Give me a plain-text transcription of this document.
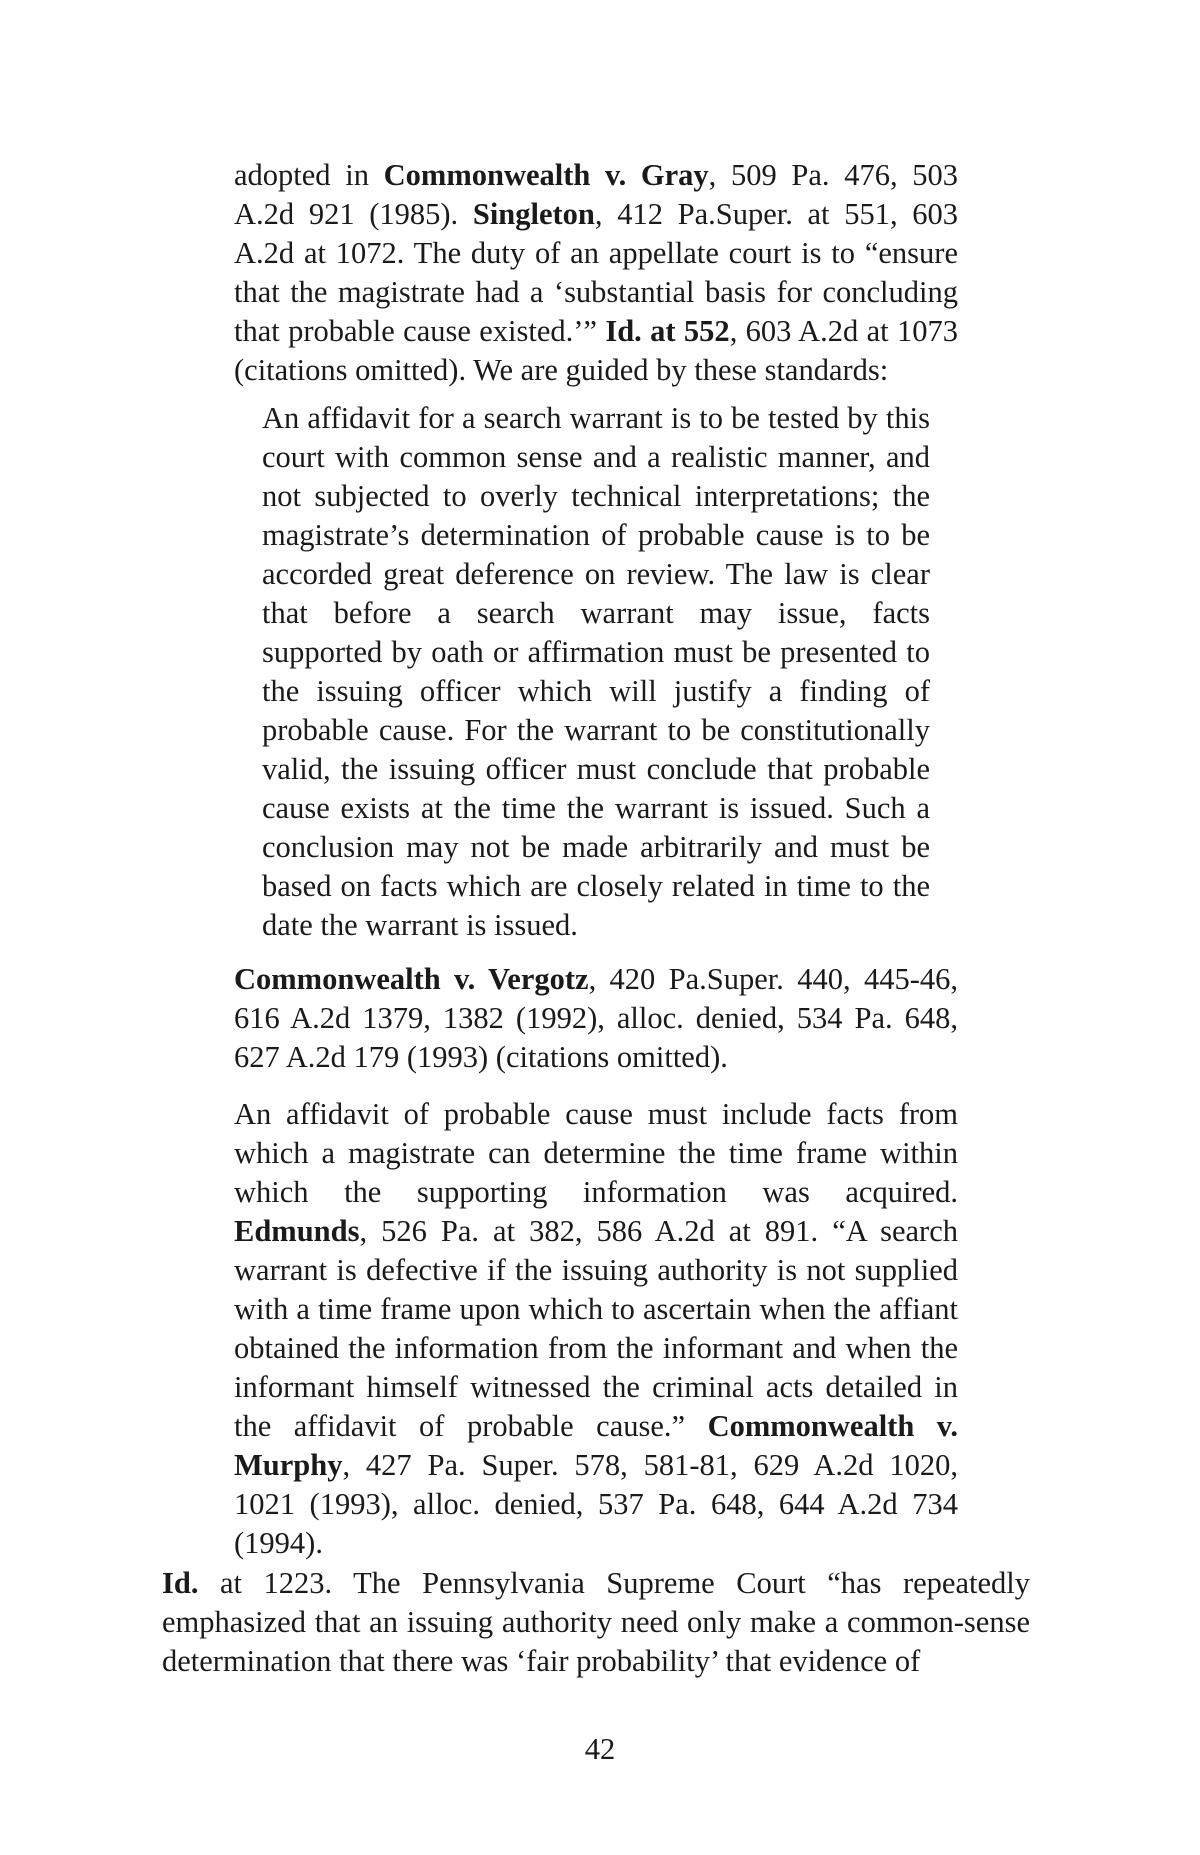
adopted in Commonwealth v. Gray, 509 Pa. 476, 503 A.2d 921 (1985). Singleton, 412 Pa.Super. at 551, 603 A.2d at 1072. The duty of an appellate court is to “ensure that the magistrate had a ‘substantial basis for concluding that probable cause existed.’” Id. at 552, 603 A.2d at 1073 (citations omitted). We are guided by these standards:

An affidavit for a search warrant is to be tested by this court with common sense and a realistic manner, and not subjected to overly technical interpretations; the magistrate’s determination of probable cause is to be accorded great deference on review. The law is clear that before a search warrant may issue, facts supported by oath or affirmation must be presented to the issuing officer which will justify a finding of probable cause. For the warrant to be constitutionally valid, the issuing officer must conclude that probable cause exists at the time the warrant is issued. Such a conclusion may not be made arbitrarily and must be based on facts which are closely related in time to the date the warrant is issued.

Commonwealth v. Vergotz, 420 Pa.Super. 440, 445-46, 616 A.2d 1379, 1382 (1992), alloc. denied, 534 Pa. 648, 627 A.2d 179 (1993) (citations omitted).

An affidavit of probable cause must include facts from which a magistrate can determine the time frame within which the supporting information was acquired. Edmunds, 526 Pa. at 382, 586 A.2d at 891. “A search warrant is defective if the issuing authority is not supplied with a time frame upon which to ascertain when the affiant obtained the information from the informant and when the informant himself witnessed the criminal acts detailed in the affidavit of probable cause.” Commonwealth v. Murphy, 427 Pa. Super. 578, 581-81, 629 A.2d 1020, 1021 (1993), alloc. denied, 537 Pa. 648, 644 A.2d 734 (1994).

Id. at 1223. The Pennsylvania Supreme Court “has repeatedly emphasized that an issuing authority need only make a common-sense determination that there was ‘fair probability’ that evidence of

42
